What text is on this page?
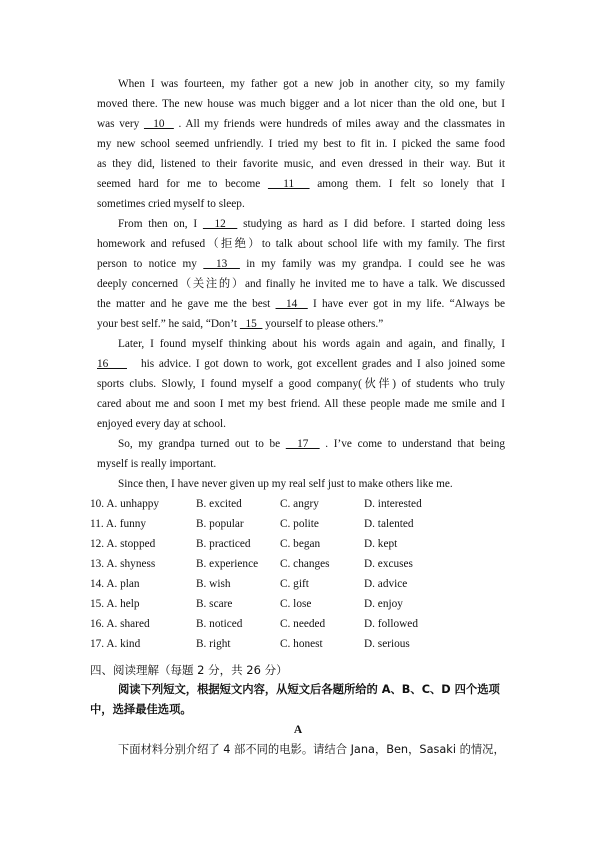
When I was fourteen, my father got a new job in another city, so my family
moved there. The new house was much bigger and a lot nicer than the old one, but I
was very   10   . All my friends were hundreds of miles away and the classmates in
my new school seemed unfriendly. I tried my best to fit in. I picked the same food
as they did, listened to their favorite music, and even dressed in their way. But it
seemed hard for me to become   11   among them. I felt so lonely that I
sometimes cried myself to sleep.
From then on, I   12   studying as hard as I did before. I started doing less
homework and refused（拒绝）to talk about school life with my family. The first
person to notice my   13   in my family was my grandpa. I could see he was
deeply concerned（关注的）and finally he invited me to have a talk. We discussed
the matter and he gave me the best   14   I have ever got in my life. “Always be
your best self.” he said, “Don’t   15   yourself to please others.”
Later, I found myself thinking about his words again and again, and finally, I
16       his advice. I got down to work, got excellent grades and I also joined some
sports clubs. Slowly, I found myself a good company(伙伴) of students who truly
cared about me and soon I met my best friend. All these people made me smile and I
enjoyed every day at school.
So, my grandpa turned out to be   17   . I’ve come to understand that being
myself is really important.
Since then, I have never given up my real self just to make others like me.
10. A. unhappy	B. excited	C. angry	D. interested
11. A. funny	B. popular	C. polite	D. talented
12. A. stopped	B. practiced	C. began	D. kept
13. A. shyness	B. experience C. changes	D. excuses
14. A. plan	B. wish	C. gift	D. advice
15. A. help	B. scare	C. lose	D. enjoy
16. A. shared	B. noticed	C. needed	D. followed
17. A. kind	B. right	C. honest	D. serious
四、阅读理解（每题 2 分，共 26 分）
阅读下列短文，根据短文内容，从短文后各题所给的 A、B、C、D 四个选项
中，选择最佳选项。
A
下面材料分别介绍了 4 部不同的电影。请结合 Jana，Ben，Sasaki 的情况，
